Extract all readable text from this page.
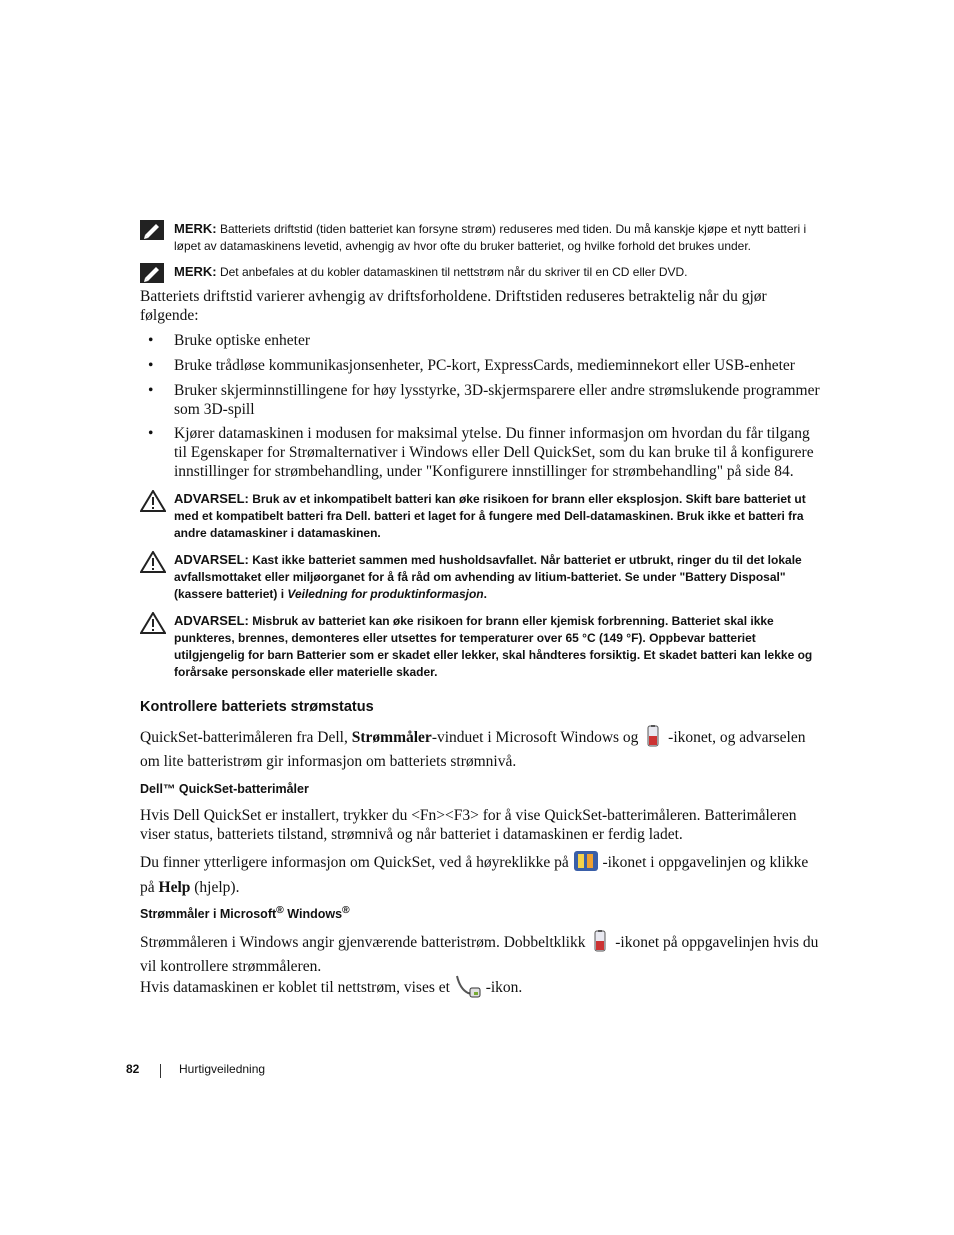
MERK: Batteriets driftstid (tiden batteriet kan forsyne strøm) reduseres med tiden. Du må kanskje kjøpe et nytt batteri i løpet av datamaskinens levetid, avhengig av hvor ofte du bruker batteriet, og hvilke forhold det brukes under.
MERK: Det anbefales at du kobler datamaskinen til nettstrøm når du skriver til en CD eller DVD.

Batteriets driftstid varierer avhengig av driftsforholdene. Driftstiden reduseres betraktelig når du gjør følgende:

• Bruke optiske enheter
• Bruke trådløse kommunikasjonsenheter, PC-kort, ExpressCards, medieminnekort eller USB-enheter
• Bruker skjerminnstillingene for høy lysstyrke, 3D-skjermsparere eller andre strømslukende programmer som 3D-spill
• Kjører datamaskinen i modusen for maksimal ytelse. Du finner informasjon om hvordan du får tilgang til Egenskaper for Strømalternativer i Windows eller Dell QuickSet, som du kan bruke til å konfigurere innstillinger for strømbehandling, under "Konfigurere innstillinger for strømbehandling" på side 84.
ADVARSEL: Bruk av et inkompatibelt batteri kan øke risikoen for brann eller eksplosjon. Skift bare batteriet ut med et kompatibelt batteri fra Dell. batteri et laget for å fungere med Dell-datamaskinen. Bruk ikke et batteri fra andre datamaskiner i datamaskinen.
ADVARSEL: Kast ikke batteriet sammen med husholdsavfallet. Når batteriet er utbrukt, ringer du til det lokale avfallsmottaket eller miljøorganet for å få råd om avhending av litium-batteriet. Se under "Battery Disposal" (kassere batteriet) i Veiledning for produktinformasjon.
ADVARSEL: Misbruk av batteriet kan øke risikoen for brann eller kjemisk forbrenning. Batteriet skal ikke punkteres, brennes, demonteres eller utsettes for temperaturer over 65 °C (149 °F). Oppbevar batteriet utilgjengelig for barn Batterier som er skadet eller lekker, skal håndteres forsiktig. Et skadet batteri kan lekke og forårsake personskade eller materielle skader.
Kontrollere batteriets strømstatus

QuickSet-batterimåleren fra Dell, Strømmåler-vinduet i Microsoft Windows og  -ikonet, og advarselen om lite batteristrøm gir informasjon om batteriets strømnivå.

Dell™ QuickSet-batterimåler

Hvis Dell QuickSet er installert, trykker du <Fn><F3> for å vise QuickSet-batterimåleren. Batterimåleren viser status, batteriets tilstand, strømnivå og når batteriet i datamaskinen er ferdig ladet.

Du finner ytterligere informasjon om QuickSet, ved å høyreklikke på  -ikonet i oppgavelinjen og klikke på Help (hjelp).

Strømmåler i Microsoft® Windows®

Strømmåleren i Windows angir gjenværende batteristrøm. Dobbeltklikk  -ikonet på oppgavelinjen hvis du vil kontrollere strømmåleren.

Hvis datamaskinen er koblet til nettstrøm, vises et  -ikon.

82	Hurtigveiledning
